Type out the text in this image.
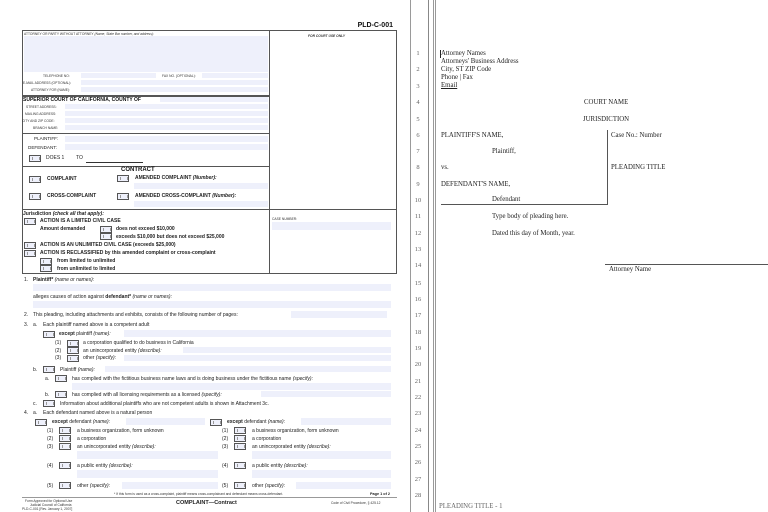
PLD-C-001
ATTORNEY OR PARTY WITHOUT ATTORNEY (Name, State Bar number, and address):
TELEPHONE NO:	FAX NO. (OPTIONAL):
E-MAIL ADDRESS (OPTIONAL):
ATTORNEY FOR (NAME):
FOR COURT USE ONLY
SUPERIOR COURT OF CALIFORNIA, COUNTY OF
STREET ADDRESS:
MAILING ADDRESS:
CITY AND ZIP CODE:
BRANCH NAME:
PLAINTIFF:
DEFENDANT:
DOES 1 TO
CONTRACT
COMPLAINT	AMENDED COMPLAINT (Number):
CROSS-COMPLAINT	AMENDED CROSS-COMPLAINT (Number):
Jurisdiction (check all that apply):
ACTION IS A LIMITED CIVIL CASE
Amount demanded	does not exceed $10,000
exceeds $10,000 but does not exceed $25,000
ACTION IS AN UNLIMITED CIVIL CASE (exceeds $25,000)
ACTION IS RECLASSIFIED by this amended complaint or cross-complaint
from limited to unlimited
from unlimited to limited
CASE NUMBER:
1. Plaintiff* (name or names):
alleges causes of action against defendant* (name or names):
2. This pleading, including attachments and exhibits, consists of the following number of pages:
3. a. Each plaintiff named above is a competent adult
except plaintiff (name):
(1)	a corporation qualified to do business in California
(2)	an unincorporated entity (describe):
(3)	other (specify):
b.	Plaintiff (name):
a.	has complied with the fictitious business name laws and is doing business under the fictitious name (specify):
b.	has complied with all licensing requirements as a licensed (specify):
c.	Information about additional plaintiffs who are not competent adults is shown in Attachment 3c.
4. a. Each defendant named above is a natural person
except defendant (name):
(1)	a business organization, form unknown
(2)	a corporation
(3)	an unincorporated entity (describe):
(4)	a public entity (describe):
(5)	other (specify):
except defendant (name):
(1)	a business organization, form unknown
(2)	a corporation
(3)	an unincorporated entity (describe):
(4)	a public entity (describe):
(5)	other (specify):
* If this form is used as a cross-complaint, plaintiff means cross-complainant and defendant means cross-defendant.	Page 1 of 2
Form Approved for Optional Use
Judicial Council of California
PLD-C-001 [Rev. January 1, 2007]
COMPLAINT—Contract	Code of Civil Procedure, § 425.12
1
2
3
4
5
6
7
8
9
10
11
12
13
14
15
16
17
18
19
20
21
22
23
24
25
26
27
28
Attorney Names
Attorneys' Business Address
City, ST ZIP Code
Phone | Fax
Email
COURT NAME
JURISDICTION
PLAINTIFF'S NAME,
Plaintiff,
vs.
DEFENDANT'S NAME,
Defendant
Case No.: Number
PLEADING TITLE
Type body of pleading here.
Dated this day of Month, year.
Attorney Name
PLEADING TITLE - 1
